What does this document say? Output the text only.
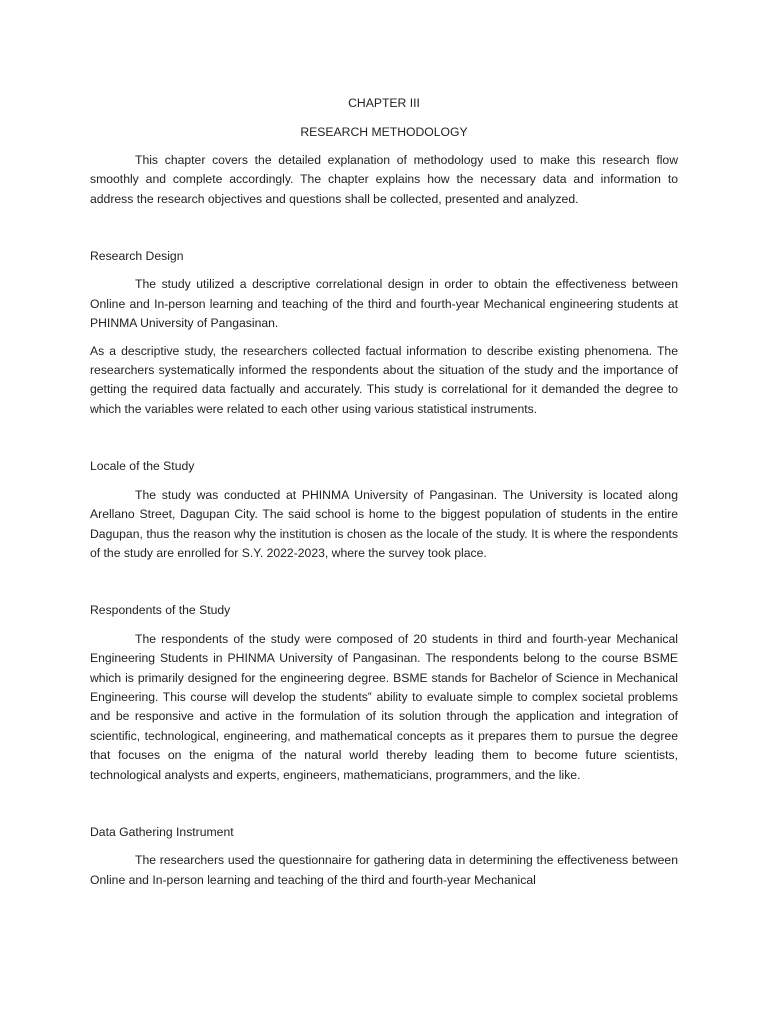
CHAPTER III
RESEARCH METHODOLOGY

This chapter covers the detailed explanation of methodology used to make this research flow smoothly and complete accordingly. The chapter explains how the necessary data and information to address the research objectives and questions shall be collected, presented and analyzed.

Research Design

The study utilized a descriptive correlational design in order to obtain the effectiveness between Online and In-person learning and teaching of the third and fourth-year Mechanical engineering students at PHINMA University of Pangasinan.

As a descriptive study, the researchers collected factual information to describe existing phenomena. The researchers systematically informed the respondents about the situation of the study and the importance of getting the required data factually and accurately. This study is correlational for it demanded the degree to which the variables were related to each other using various statistical instruments.

Locale of the Study

The study was conducted at PHINMA University of Pangasinan. The University is located along Arellano Street, Dagupan City. The said school is home to the biggest population of students in the entire Dagupan, thus the reason why the institution is chosen as the locale of the study. It is where the respondents of the study are enrolled for S.Y. 2022-2023, where the survey took place.

Respondents of the Study

The respondents of the study were composed of 20 students in third and fourth-year Mechanical Engineering Students in PHINMA University of Pangasinan. The respondents belong to the course BSME which is primarily designed for the engineering degree. BSME stands for Bachelor of Science in Mechanical Engineering. This course will develop the students‟ ability to evaluate simple to complex societal problems and be responsive and active in the formulation of its solution through the application and integration of scientific, technological, engineering, and mathematical concepts as it prepares them to pursue the degree that focuses on the enigma of the natural world thereby leading them to become future scientists, technological analysts and experts, engineers, mathematicians, programmers, and the like.

Data Gathering Instrument

The researchers used the questionnaire for gathering data in determining the effectiveness between Online and In-person learning and teaching of the third and fourth-year Mechanical
